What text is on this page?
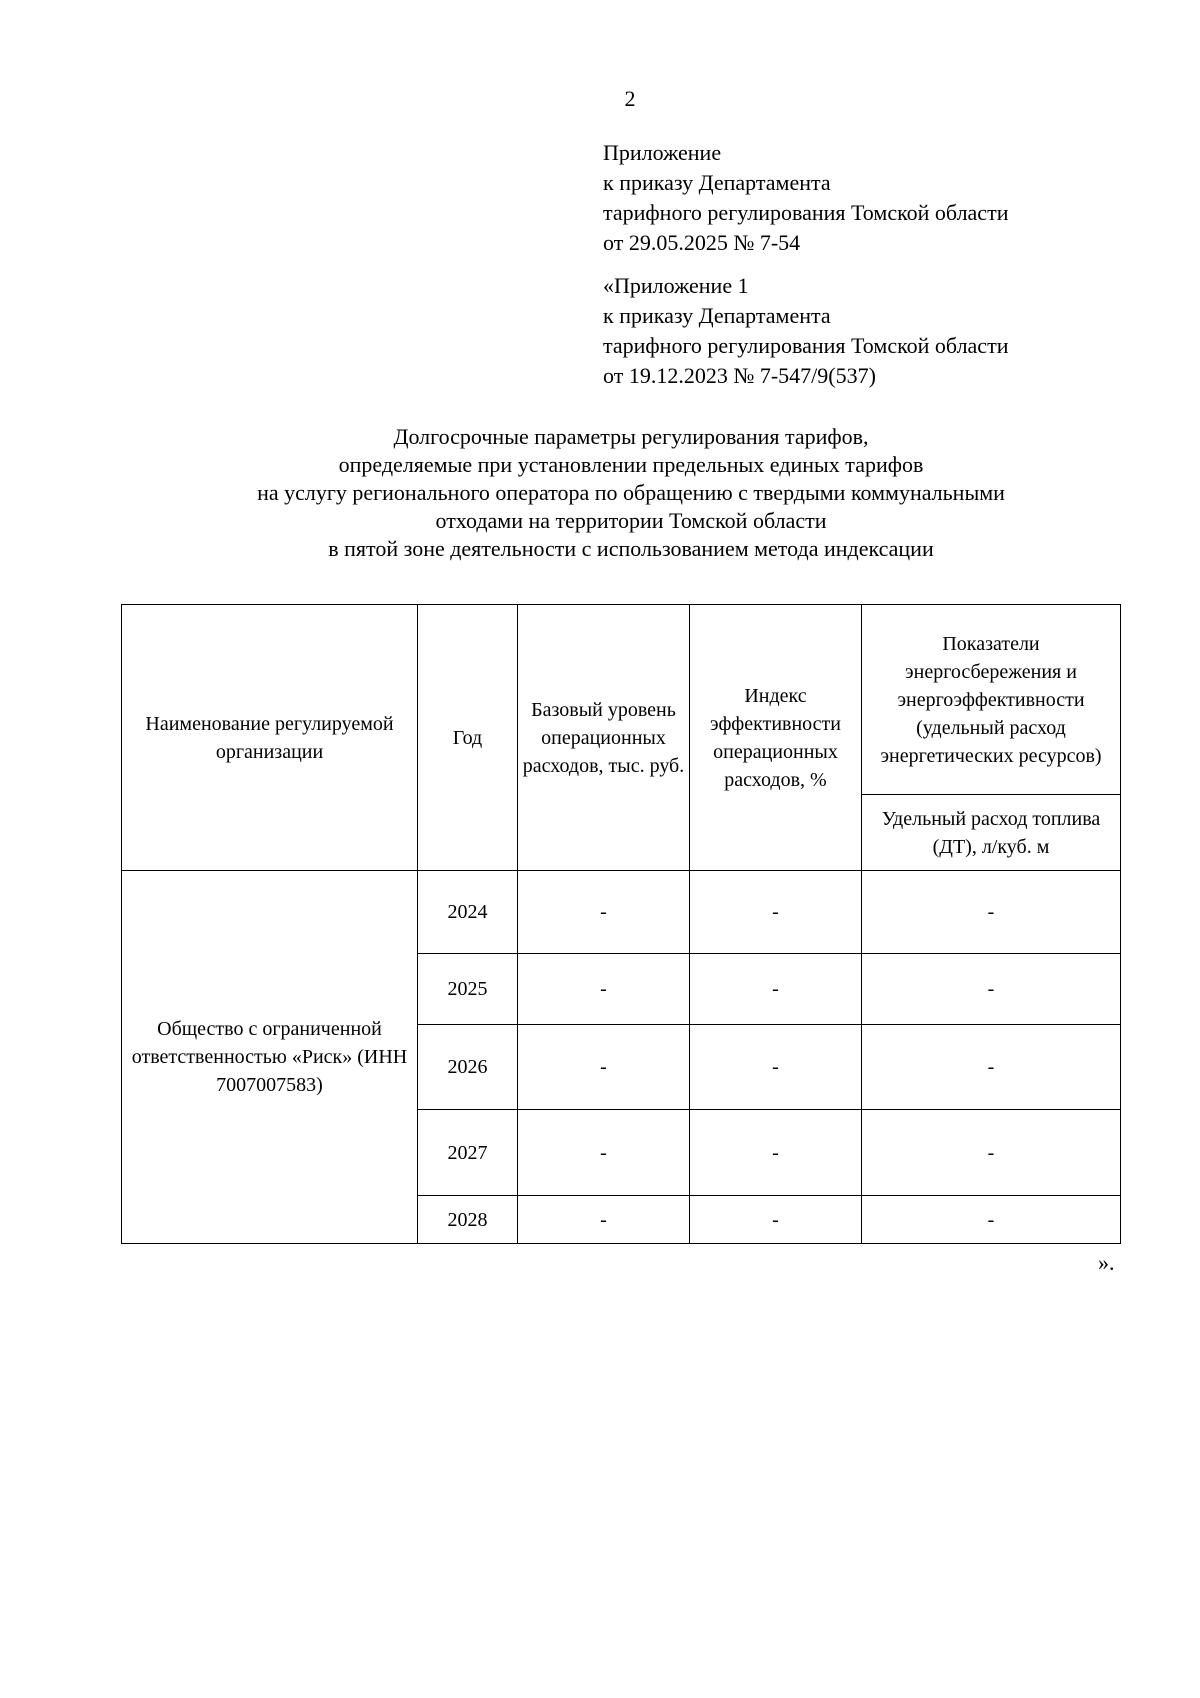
2
Приложение
к приказу Департамента
тарифного регулирования Томской области
от 29.05.2025 № 7-54
«Приложение 1
к приказу Департамента
тарифного регулирования Томской области
от 19.12.2023 № 7-547/9(537)
Долгосрочные параметры регулирования тарифов,
определяемые при установлении предельных единых тарифов
на услугу регионального оператора по обращению с твердыми коммунальными
отходами на территории Томской области
в пятой зоне деятельности с использованием метода индексации
Наименование регулируемой организации	Год	Базовый уровень операционных расходов, тыс. руб.	Индекс эффективности операционных расходов, %	Показатели энергосбережения и энергоэффективности (удельный расход энергетических ресурсов)
				Удельный расход топлива (ДТ), л/куб. м
Общество с ограниченной ответственностью «Риск» (ИНН 7007007583)	2024	-	-	-
	2025	-	-	-
	2026	-	-	-
	2027	-	-	-
	2028	-	-	-
».
